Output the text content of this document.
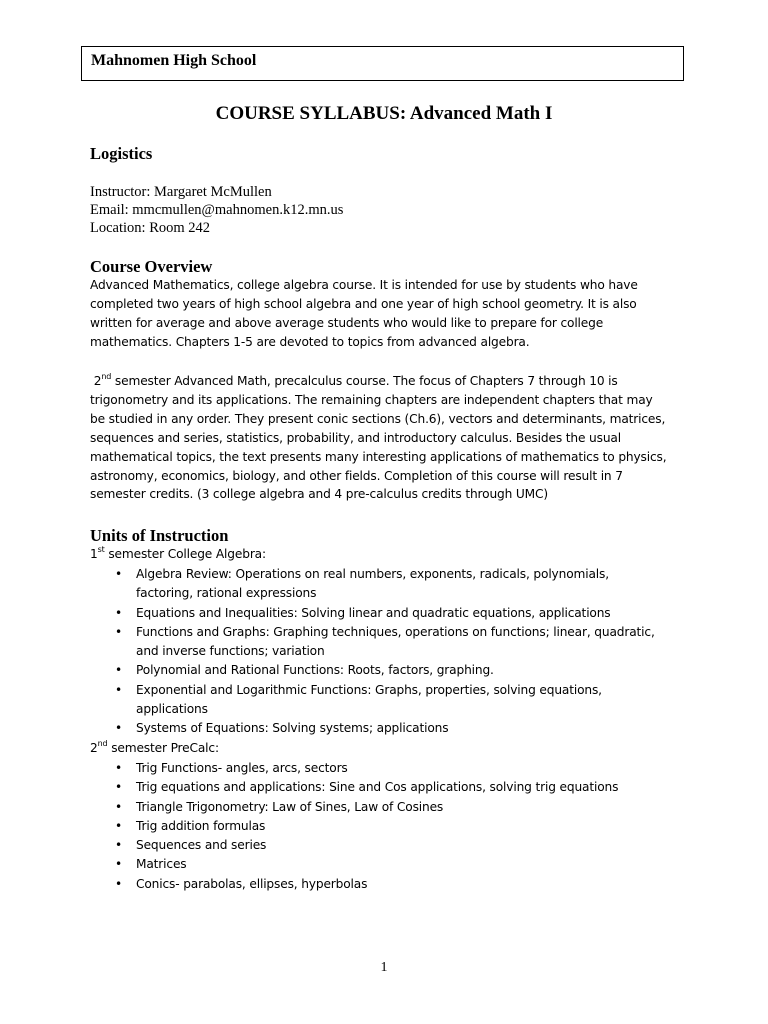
Mahnomen High School
COURSE SYLLABUS: Advanced Math I
Logistics
Instructor: Margaret McMullen
Email: mmcmullen@mahnomen.k12.mn.us
Location: Room 242
Course Overview
Advanced Mathematics, college algebra course. It is intended for use by students who have
completed two years of high school algebra and one year of high school geometry. It is also
written for average and above average students who would like to prepare for college
mathematics. Chapters 1-5 are devoted to topics from advanced algebra.
2nd semester Advanced Math, precalculus course. The focus of Chapters 7 through 10 is
trigonometry and its applications. The remaining chapters are independent chapters that may
be studied in any order. They present conic sections (Ch.6), vectors and determinants, matrices,
sequences and series, statistics, probability, and introductory calculus. Besides the usual
mathematical topics, the text presents many interesting applications of mathematics to physics,
astronomy, economics, biology, and other fields. Completion of this course will result in 7
semester credits. (3 college algebra and 4 pre-calculus credits through UMC)
Units of Instruction
1st semester College Algebra:
• Algebra Review: Operations on real numbers, exponents, radicals, polynomials,
factoring, rational expressions
• Equations and Inequalities: Solving linear and quadratic equations, applications
• Functions and Graphs: Graphing techniques, operations on functions; linear, quadratic,
and inverse functions; variation
• Polynomial and Rational Functions: Roots, factors, graphing.
• Exponential and Logarithmic Functions: Graphs, properties, solving equations,
applications
• Systems of Equations: Solving systems; applications
2nd semester PreCalc:
• Trig Functions- angles, arcs, sectors
• Trig equations and applications: Sine and Cos applications, solving trig equations
• Triangle Trigonometry: Law of Sines, Law of Cosines
• Trig addition formulas
• Sequences and series
• Matrices
• Conics- parabolas, ellipses, hyperbolas
1
